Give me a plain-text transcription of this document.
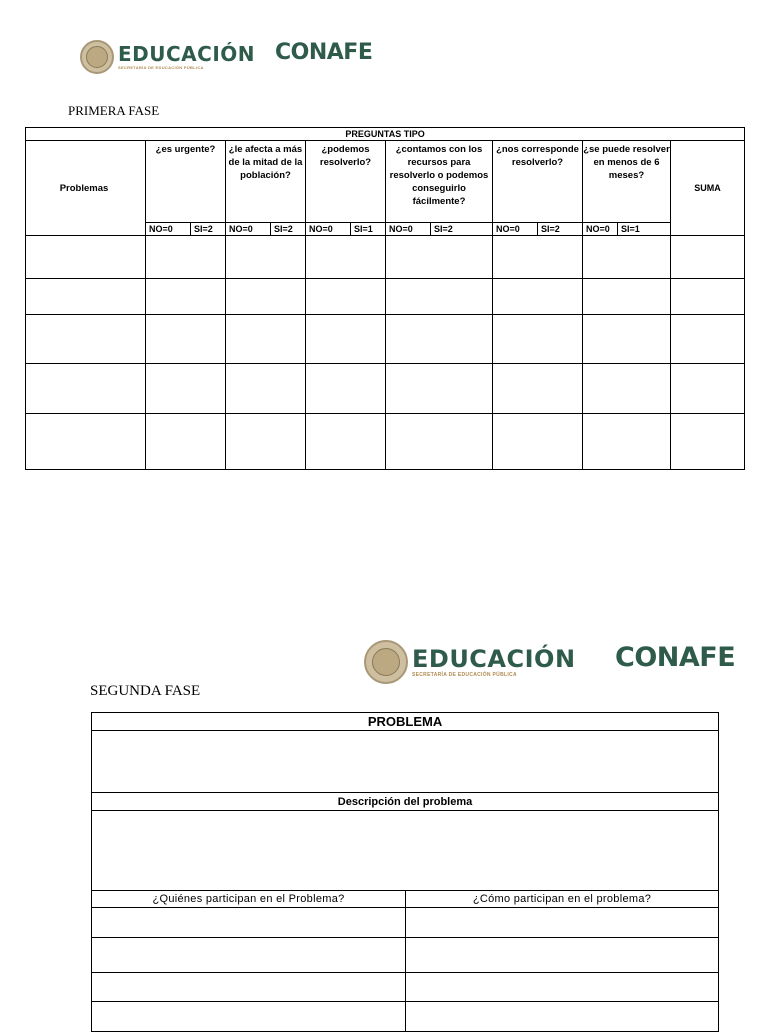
EDUCACIÓN
SECRETARÍA DE EDUCACIÓN PÚBLICA
CONAFE
PRIMERA FASE
PREGUNTAS TIPO													
Problemas	¿es urgente?		¿le afecta a más de la mitad de la población?		¿podemos resolverlo?		¿contamos con los recursos para resolverlo o podemos conseguirlo fácilmente?		¿nos corresponde resolverlo?		¿se puede resolver en menos de 6 meses?		SUMA
	NO=0	SI=2	NO=0	SI=2	NO=0	SI=1	NO=0	SI=2	NO=0	SI=2	NO=0	SI=1	

EDUCACIÓN
SECRETARÍA DE EDUCACIÓN PÚBLICA
CONAFE
SEGUNDA FASE
PROBLEMA	

Descripción del problema	

¿Quiénes participan en el Problema?	¿Cómo participan en el problema?
